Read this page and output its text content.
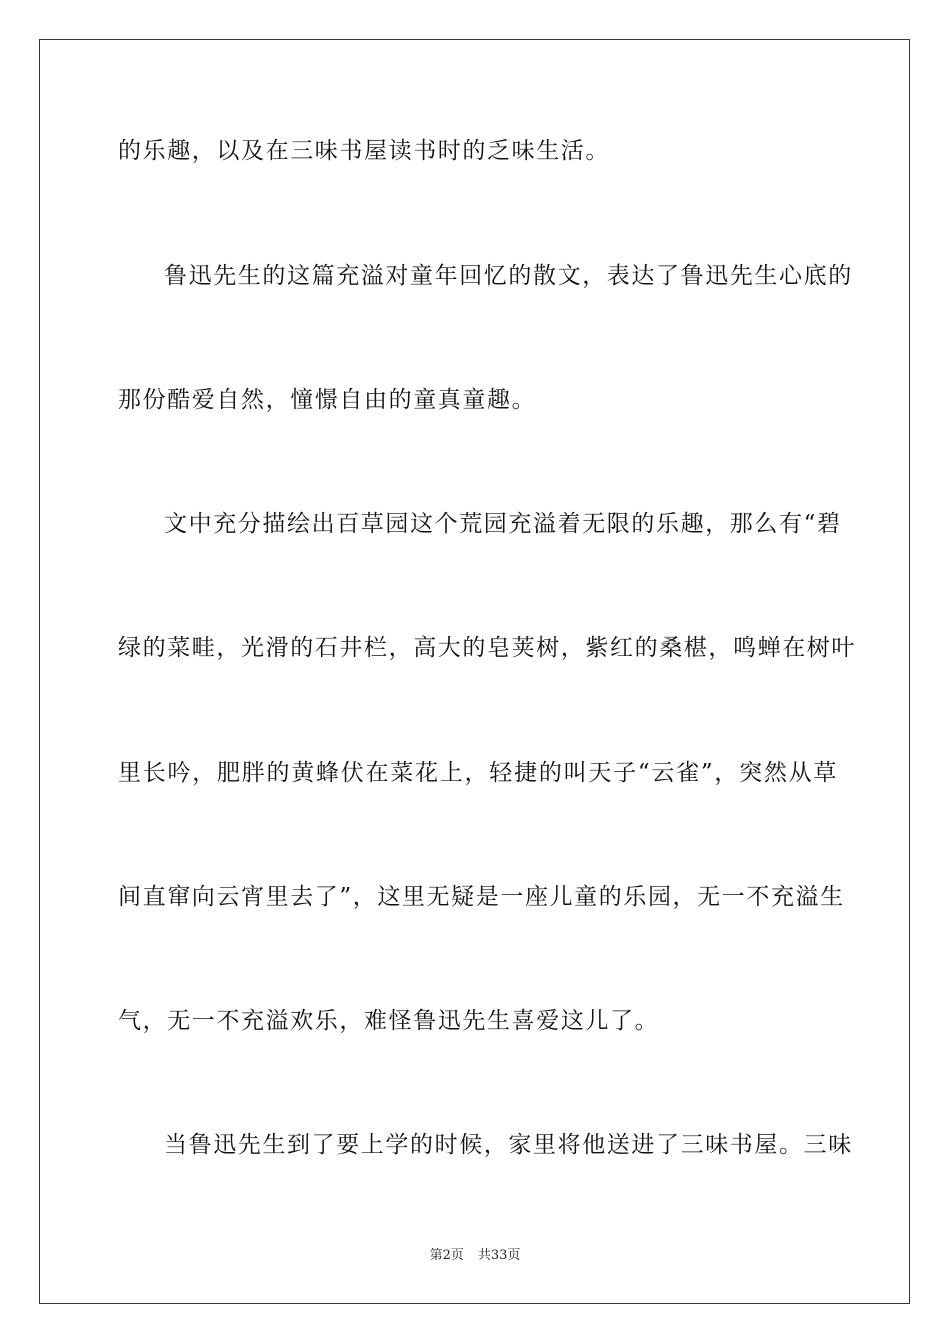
的乐趣，以及在三味书屋读书时的乏味生活。
鲁迅先生的这篇充溢对童年回忆的散文，表达了鲁迅先生心底的
那份酷爱自然，憧憬自由的童真童趣。
文中充分描绘出百草园这个荒园充溢着无限的乐趣，那么有“碧
绿的菜畦，光滑的石井栏，高大的皂荚树，紫红的桑椹，鸣蝉在树叶
里长吟，肥胖的黄蜂伏在菜花上，轻捷的叫天子“云雀”，突然从草
间直窜向云宵里去了”，这里无疑是一座儿童的乐园，无一不充溢生
气，无一不充溢欢乐，难怪鲁迅先生喜爱这儿了。
当鲁迅先生到了要上学的时候，家里将他送进了三味书屋。三味
第2页 共33页
